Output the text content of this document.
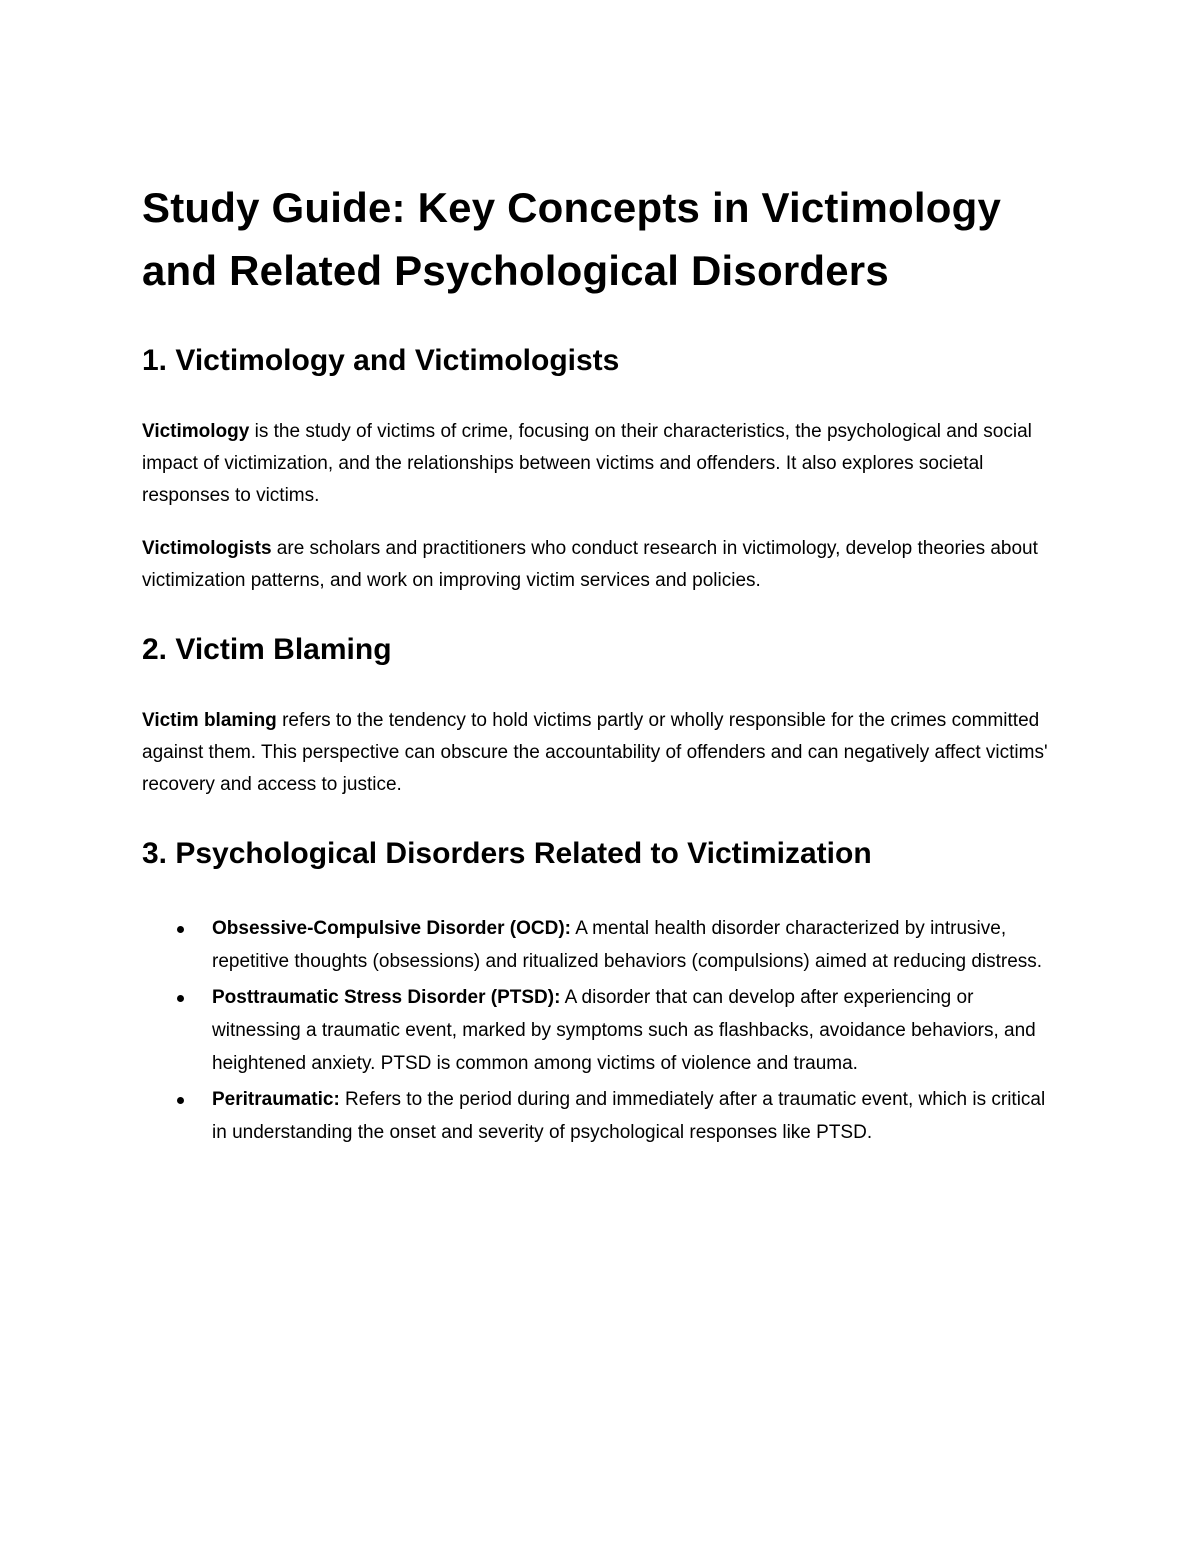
Study Guide: Key Concepts in Victimology and Related Psychological Disorders
1. Victimology and Victimologists

Victimology is the study of victims of crime, focusing on their characteristics, the psychological and social impact of victimization, and the relationships between victims and offenders. It also explores societal responses to victims.

Victimologists are scholars and practitioners who conduct research in victimology, develop theories about victimization patterns, and work on improving victim services and policies.

2. Victim Blaming

Victim blaming refers to the tendency to hold victims partly or wholly responsible for the crimes committed against them. This perspective can obscure the accountability of offenders and can negatively affect victims' recovery and access to justice.

3. Psychological Disorders Related to Victimization
Obsessive-Compulsive Disorder (OCD): A mental health disorder characterized by intrusive, repetitive thoughts (obsessions) and ritualized behaviors (compulsions) aimed at reducing distress.
Posttraumatic Stress Disorder (PTSD): A disorder that can develop after experiencing or witnessing a traumatic event, marked by symptoms such as flashbacks, avoidance behaviors, and heightened anxiety. PTSD is common among victims of violence and trauma.
Peritraumatic: Refers to the period during and immediately after a traumatic event, which is critical in understanding the onset and severity of psychological responses like PTSD.
